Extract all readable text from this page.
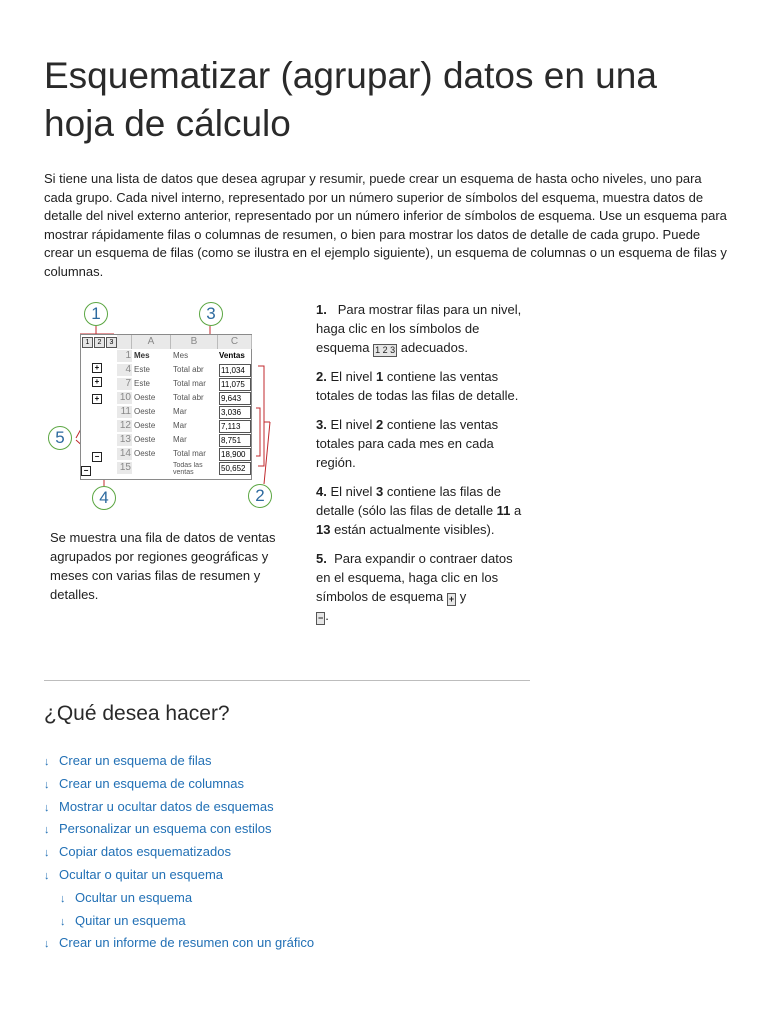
Esquematizar (agrupar) datos en una hoja de cálculo

Si tiene una lista de datos que desea agrupar y resumir, puede crear un esquema de hasta ocho niveles, uno para cada grupo. Cada nivel interno, representado por un número superior de símbolos del esquema, muestra datos de detalle del nivel externo anterior, representado por un número inferior de símbolos de esquema. Use un esquema para mostrar rápidamente filas o columnas de resumen, o bien para mostrar los datos de detalle de cada grupo. Puede crear un esquema de filas (como se ilustra en el ejemplo siguiente), un esquema de columnas o un esquema de filas y columnas.

1 2 3	A	B	C
1 Mes	Mes	Ventas
4 Este	Total abr	11,034
7 Este	Total mar	11,075
10 Oeste	Total abr	9,643
11 Oeste	Mar	3,036
12 Oeste	Mar	7,113
13 Oeste	Mar	8,751
14 Oeste	Total mar	18,900
15	Todas las ventas	50,652
+
+
+
−
−
1	3
5
4	2

Se muestra una fila de datos de ventas agrupados por regiones geográficas y meses con varias filas de resumen y detalles.

1. Para mostrar filas para un nivel, haga clic en los símbolos de esquema 1 2 3 adecuados.

2. El nivel 1 contiene las ventas totales de todas las filas de detalle.

3. El nivel 2 contiene las ventas totales para cada mes en cada región.

4. El nivel 3 contiene las filas de detalle (sólo las filas de detalle 11 a 13 están actualmente visibles).

5. Para expandir o contraer datos en el esquema, haga clic en los símbolos de esquema + y
− .

¿Qué desea hacer?
↓ Crear un esquema de filas
↓ Crear un esquema de columnas
↓ Mostrar u ocultar datos de esquemas
↓ Personalizar un esquema con estilos
↓ Copiar datos esquematizados
↓ Ocultar o quitar un esquema
↓ Ocultar un esquema
↓ Quitar un esquema
↓ Crear un informe de resumen con un gráfico
